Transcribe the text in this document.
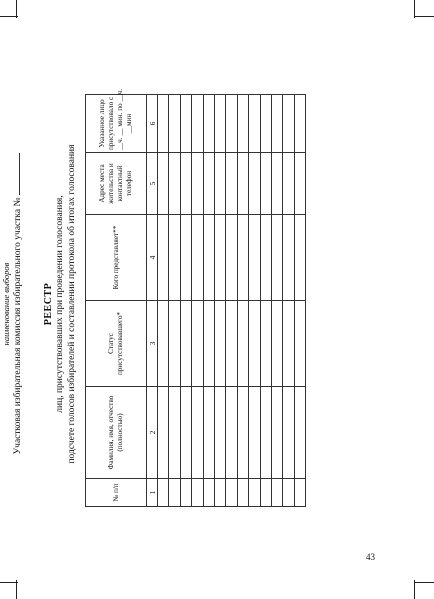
43
наименование выборов Участковая избирательная комиссия избирательного участка № РЕЕСТР лиц, присутствовавших при проведении голосования, подсчете голосов избирателей и составлении протокола об итогах голосования
№ п/п	Фамилия, имя, отчество (полностью)	Статус присутствовавшего*	Кого представляет**	Адрес места жительства и контактный телефон	Указанное лицо присутствовало с __ч. __ мин. по __ч. __мин

1	2	3	4	5	6
